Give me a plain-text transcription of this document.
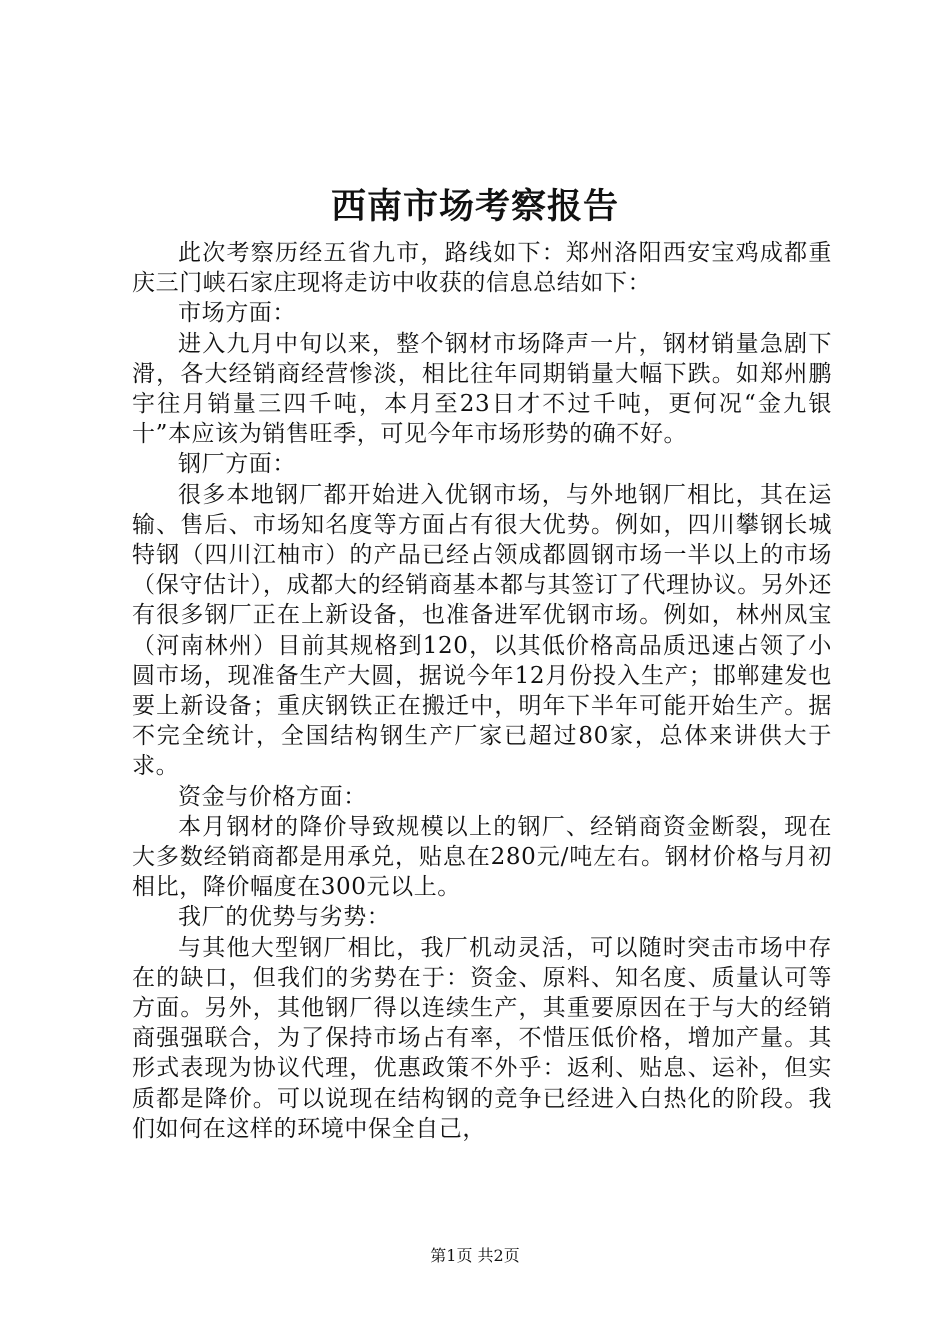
西南市场考察报告

此次考察历经五省九市，路线如下：郑州洛阳西安宝鸡成都重庆三门峡石家庄现将走访中收获的信息总结如下：

市场方面：

进入九月中旬以来，整个钢材市场降声一片，钢材销量急剧下滑，各大经销商经营惨淡，相比往年同期销量大幅下跌。如郑州鹏宇往月销量三四千吨，本月至23日才不过千吨，更何况“金九银十”本应该为销售旺季，可见今年市场形势的确不好。

钢厂方面：

很多本地钢厂都开始进入优钢市场，与外地钢厂相比，其在运输、售后、市场知名度等方面占有很大优势。例如，四川攀钢长城特钢（四川江柚市）的产品已经占领成都圆钢市场一半以上的市场（保守估计），成都大的经销商基本都与其签订了代理协议。另外还有很多钢厂正在上新设备，也准备进军优钢市场。例如，林州凤宝（河南林州）目前其规格到120，以其低价格高品质迅速占领了小圆市场，现准备生产大圆，据说今年12月份投入生产；邯郸建发也要上新设备；重庆钢铁正在搬迁中，明年下半年可能开始生产。据不完全统计，全国结构钢生产厂家已超过80家，总体来讲供大于求。

资金与价格方面：

本月钢材的降价导致规模以上的钢厂、经销商资金断裂，现在大多数经销商都是用承兑，贴息在280元/吨左右。钢材价格与月初相比，降价幅度在300元以上。

我厂的优势与劣势：

与其他大型钢厂相比，我厂机动灵活，可以随时突击市场中存在的缺口，但我们的劣势在于：资金、原料、知名度、质量认可等方面。另外，其他钢厂得以连续生产，其重要原因在于与大的经销商强强联合，为了保持市场占有率，不惜压低价格，增加产量。其形式表现为协议代理，优惠政策不外乎：返利、贴息、运补，但实质都是降价。可以说现在结构钢的竞争已经进入白热化的阶段。我们如何在这样的环境中保全自己，

第1页 共2页
